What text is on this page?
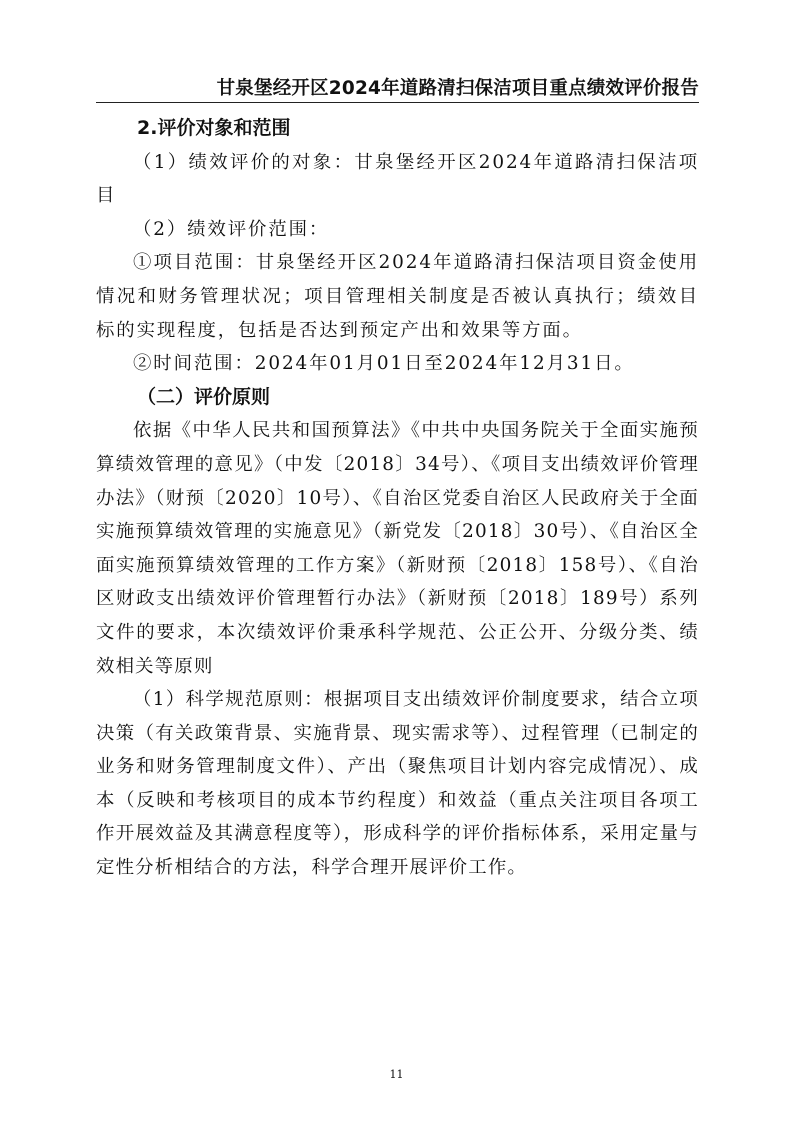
甘泉堡经开区2024年道路清扫保洁项目重点绩效评价报告
2.评价对象和范围

（1）绩效评价的对象：甘泉堡经开区2024年道路清扫保洁项目

（2）绩效评价范围：

①项目范围：甘泉堡经开区2024年道路清扫保洁项目资金使用情况和财务管理状况；项目管理相关制度是否被认真执行；绩效目标的实现程度，包括是否达到预定产出和效果等方面。

②时间范围：2024年01月01日至2024年12月31日。

（二）评价原则

依据《中华人民共和国预算法》《中共中央国务院关于全面实施预算绩效管理的意见》（中发〔2018〕34号）、《项目支出绩效评价管理办法》（财预〔2020〕10号）、《自治区党委自治区人民政府关于全面实施预算绩效管理的实施意见》（新党发〔2018〕30号）、《自治区全面实施预算绩效管理的工作方案》（新财预〔2018〕158号）、《自治区财政支出绩效评价管理暂行办法》（新财预〔2018〕189号）系列文件的要求，本次绩效评价秉承科学规范、公正公开、分级分类、绩效相关等原则

（1）科学规范原则：根据项目支出绩效评价制度要求，结合立项决策（有关政策背景、实施背景、现实需求等）、过程管理（已制定的业务和财务管理制度文件）、产出（聚焦项目计划内容完成情况）、成本（反映和考核项目的成本节约程度）和效益（重点关注项目各项工作开展效益及其满意程度等），形成科学的评价指标体系，采用定量与定性分析相结合的方法，科学合理开展评价工作。

11
